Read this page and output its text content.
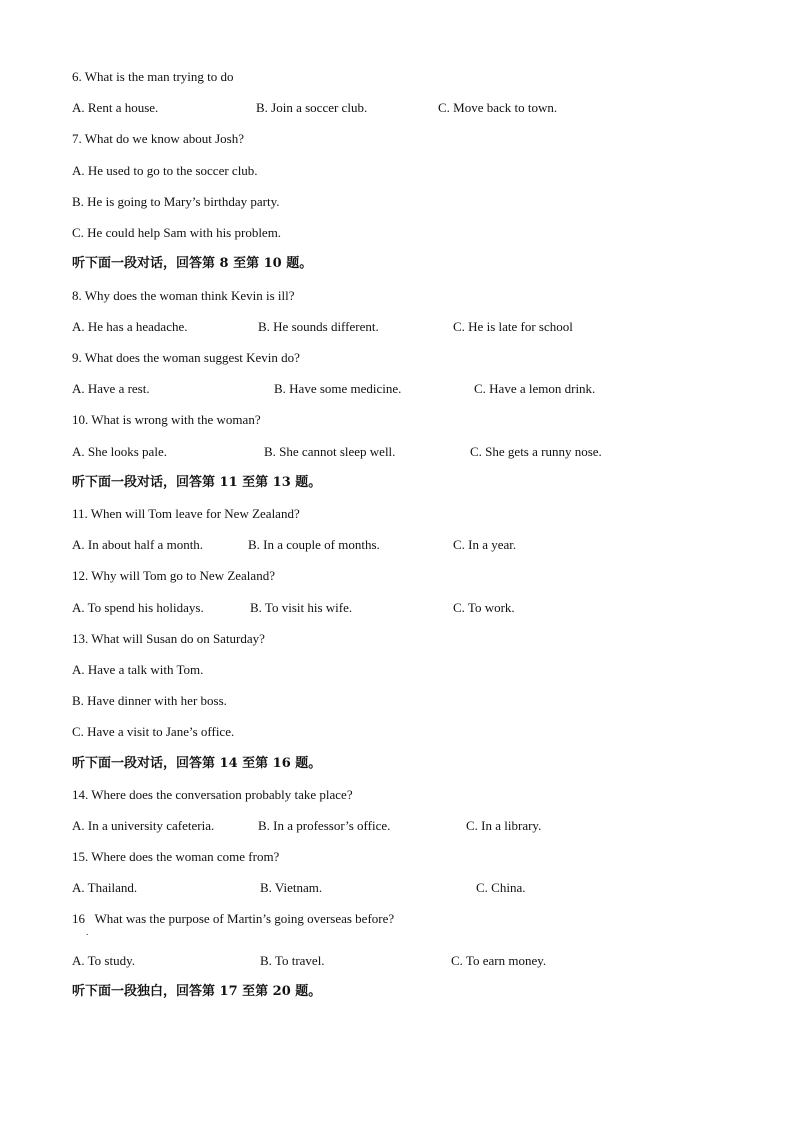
6. What is the man trying to do
A. Rent a house.	B. Join a soccer club.	C. Move back to town.
7. What do we know about Josh?
A. He used to go to the soccer club.
B. He is going to Mary’s birthday party.
C. He could help Sam with his problem.
听下面一段对话，回答第 8 至第 10 题。
8. Why does the woman think Kevin is ill?
A. He has a headache.	B. He sounds different.	C. He is late for school
9. What does the woman suggest Kevin do?
A. Have a rest.	B. Have some medicine.	C. Have a lemon drink.
10. What is wrong with the woman?
A. She looks pale.	B. She cannot sleep well.	C. She gets a runny nose.
听下面一段对话，回答第 11 至第 13 题。
11. When will Tom leave for New Zealand?
A. In about half a month.	B. In a couple of months.	C. In a year.
12. Why will Tom go to New Zealand?
A. To spend his holidays.	B. To visit his wife.	C. To work.
13. What will Susan do on Saturday?
A. Have a talk with Tom.
B. Have dinner with her boss.
C. Have a visit to Jane’s office.
听下面一段对话，回答第 14 至第 16 题。
14. Where does the conversation probably take place?
A. In a university cafeteria.	B. In a professor’s office.	C. In a library.
15. Where does the woman come from?
A. Thailand.	B. Vietnam.	C. China.
16   What was the purpose of Martin’s going overseas before?
.
A. To study.	B. To travel.	C. To earn money.
听下面一段独白，回答第 17 至第 20 题。
